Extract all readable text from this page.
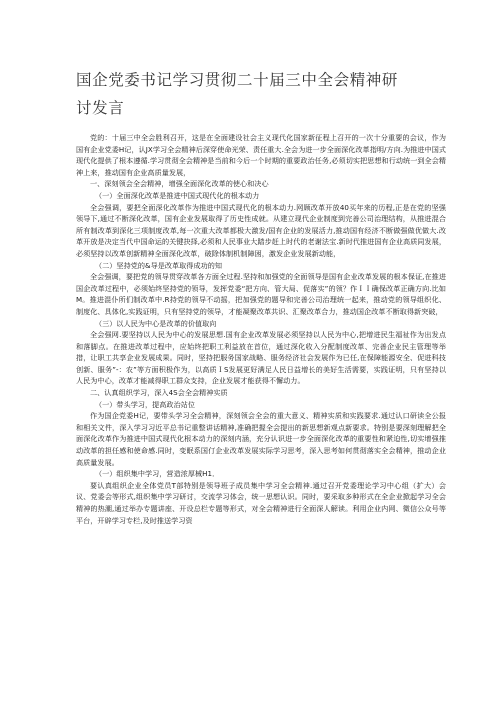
国企党委书记学习贯彻二十届三中全会精神研讨发言

党的：十届三中全会胜利召开，这是在全面建设社会主义现代化国家新征程上召开的一次十分重要的会议，作为国有企业党委H记，认JX学习全会精神后深穿使命光荣、责任重大.全会为进一步全面深化改革指明/方向.为推进中国式现代化提供了根本遵循.学习贯彻全会精神是当前和今后一个时期的重要政治任务,必须切实把思想和行动统一到全会精神上来，推动国有企业高质量发展，

一、深刻领会全会精神，增强全面深化改革的使心和决心

（一）全面深化改革是推进中国式现代化的根本动力

全会强调，要把全面深化改革作为推进中国式现代化的根本动力.网顾改革开放40买年来的历程,正是在党的坚强领导下,通过不断深化改革，国有企业发展取得了历史性成就。从建立现代企业制度到完善公司治理结构，从推进混合所有制改革到深化三项制度改革,每一次重大改革都极大激发/国有企业的发展活力,推动国有经济不断做强做优做大.改革开放是决定当代中国命运的关键抉择,必须和人民事业大踏步赶上时代的老谢法宝.新时代推进国有企业高质同发展，必须坚持以改革创新精神全面深化改革，破除体制机制障困，激发企业发展新动能，

（二）坚持党的&导是改革取得成功的知

全会强调，要把党的领导贯穿改革各方面全过程.坚持和加强党的全面领导是国有企业改革发展的根本保证,在推进国企改革过程中，必须始终坚持党的领导，发挥党委“把方向、管大局、促落实”的领？作ＩＩ确保改革正确方向.比如M。推进混仆所们制改革中.R持党的领导不动摇，把加强党的题导和完善公司治理统一起来，推动党的领导组织化、制度化、具体化,实践证明，只有坚持党的领导，才能凝聚改革共识、汇聚改革合力，推动国企改革不断取得新突破，

（三）以人民为中心是改革的价值取向

全会强网.要坚持以人民为中心的发展思想.国有企业改革发展必须坚持以人民为中心,把增进民生福祉作为出发点和落脚点。在推进改革过程中，应始终把职工利益放在首位，通过深化收入分配制度改革、完善企业民主管理等举措，让职工共享企业发展成果。同时，坚持把服务国家战略、服务经济社会发展作为已任,在保障能源安全、促进科技创新、服务”-：农”等方面积极作为，以高质ＩS发展更好满足人民日益增长的美好生活需要，实践证明，只有坚持以人民为中心，改革才能减得职工群众支持，企业发展才能获得不懈动力。

二、认真组织学习，深入4S会全会精神实质

（一）带头学习，提高政治站位

作为国企党委H记，要带头学习全会精神，深刻领会全会的重大意义、精神实质和实践要求.通过认口研读全公报和相关文件，深入学习习近平总书记重整讲话精神,准确把握全会提出的新思想新观点新要求。特别是要深刻理解把全面深化改革作为推进中国式现代化根本动力的深刻内涵，充分认识进一步全面深化改革的重要性和紧迫性,切实增强推动改革的担任感和使命感.同时，变眠系国仃企业改革发展实际学习思考，深入思考如何贯彻落实全会精神，推动企业高质量发展。

（一）组织集中学习，营造浓厚械H1．

要认真组织企业全体党员T部特别是领导班子成员集中学习全会精神.通过召开党委理论学习中心组（扩大）会议、党委会等形式,组织集中学习研讨，交流学习体会，统一思想认识。同时，要采取多种形式在全企业掀起学习全会精神的热潮,通过举办专题讲座、开设总栏专题等形式，对全会精神进行全面深人解读。利用企业内网、微信公众号等平台，开辟学习专栏,及时推送学习资
